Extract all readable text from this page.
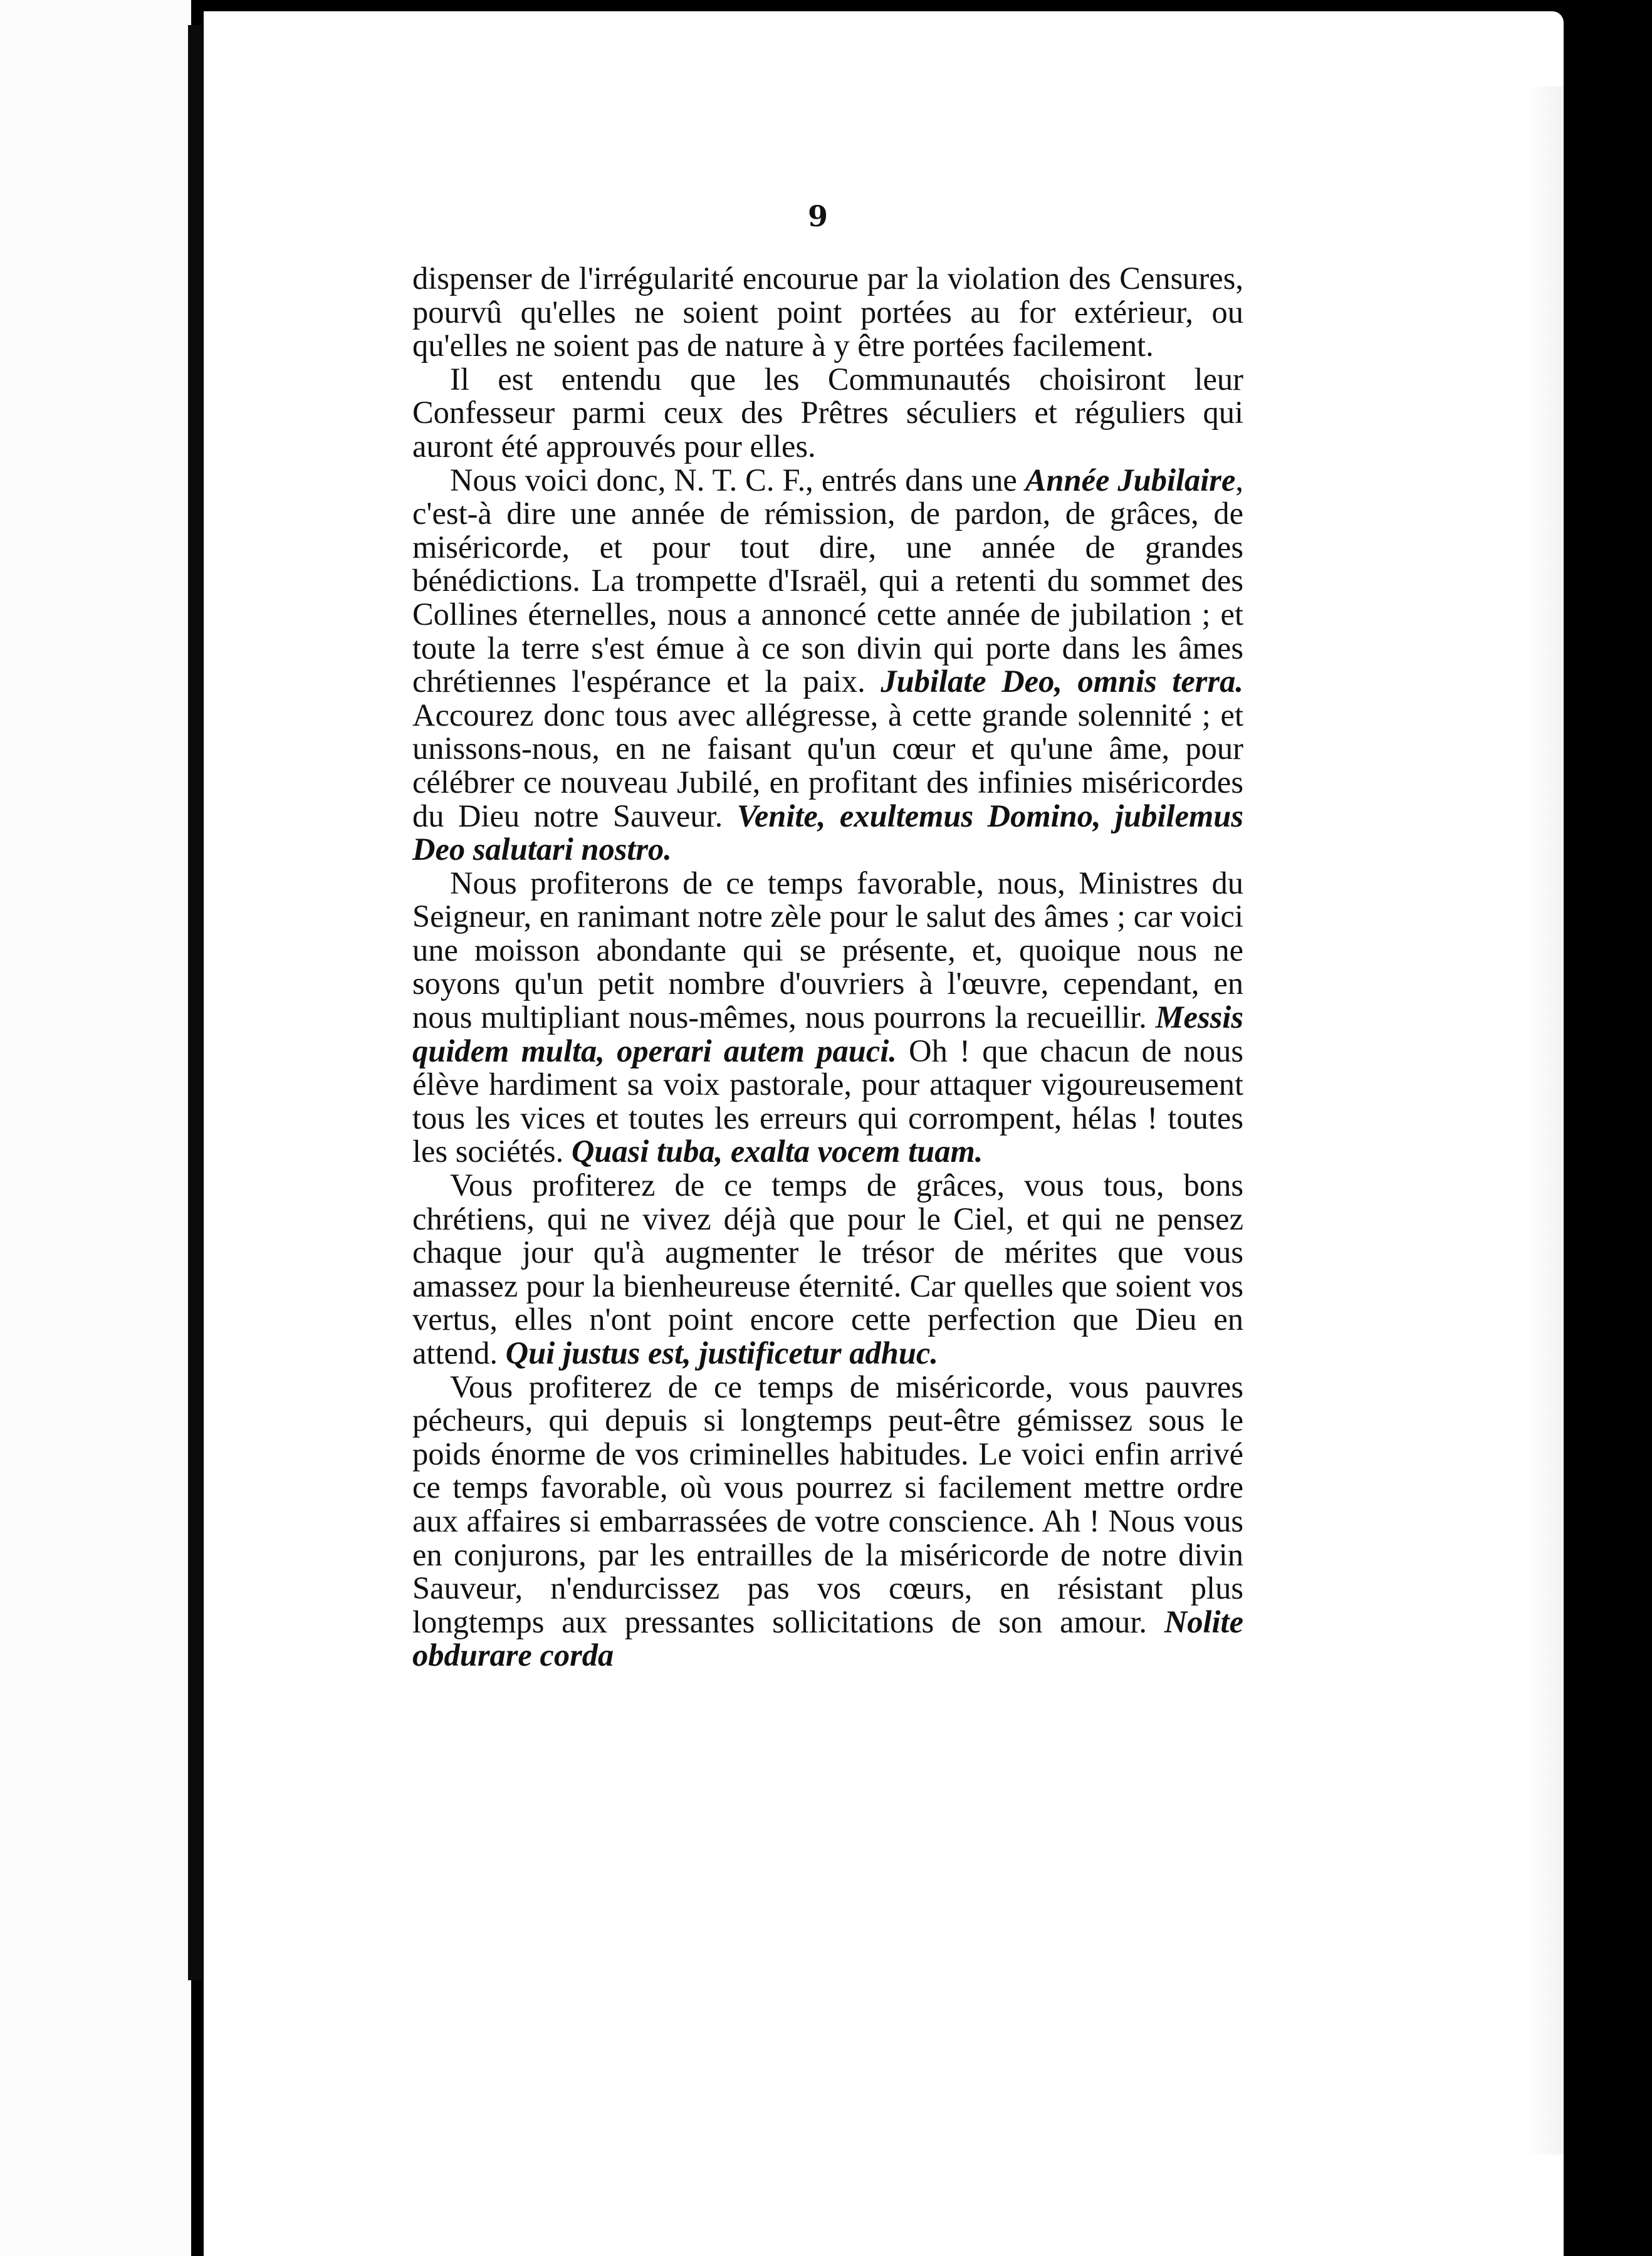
9

dispenser de l'irrégularité encourue par la violation des Censures, pourvû qu'elles ne soient point portées au for extérieur, ou qu'elles ne soient pas de nature à y être portées facilement.

Il est entendu que les Communautés choisiront leur Confesseur parmi ceux des Prêtres séculiers et réguliers qui auront été approuvés pour elles.

Nous voici donc, N. T. C. F., entrés dans une Année Jubilaire, c'est-à dire une année de rémission, de pardon, de grâces, de miséricorde, et pour tout dire, une année de grandes bénédictions. La trompette d'Israël, qui a retenti du sommet des Collines éternelles, nous a annoncé cette année de jubilation ; et toute la terre s'est émue à ce son divin qui porte dans les âmes chrétiennes l'espérance et la paix. Jubilate Deo, omnis terra. Accourez donc tous avec allégresse, à cette grande solennité ; et unissons-nous, en ne faisant qu'un cœur et qu'une âme, pour célébrer ce nouveau Jubilé, en profitant des infinies miséricordes du Dieu notre Sauveur. Venite, exultemus Domino, jubilemus Deo salutari nostro.

Nous profiterons de ce temps favorable, nous, Ministres du Seigneur, en ranimant notre zèle pour le salut des âmes ; car voici une moisson abondante qui se présente, et, quoique nous ne soyons qu'un petit nombre d'ouvriers à l'œuvre, cependant, en nous multipliant nous-mêmes, nous pourrons la recueillir. Messis quidem multa, operari autem pauci. Oh ! que chacun de nous élève hardiment sa voix pastorale, pour attaquer vigoureusement tous les vices et toutes les erreurs qui corrompent, hélas ! toutes les sociétés. Quasi tuba, exalta vocem tuam.

Vous profiterez de ce temps de grâces, vous tous, bons chrétiens, qui ne vivez déjà que pour le Ciel, et qui ne pensez chaque jour qu'à augmenter le trésor de mérites que vous amassez pour la bienheureuse éternité. Car quelles que soient vos vertus, elles n'ont point encore cette perfection que Dieu en attend. Qui justus est, justificetur adhuc.

Vous profiterez de ce temps de miséricorde, vous pauvres pécheurs, qui depuis si longtemps peut-être gémissez sous le poids énorme de vos criminelles habitudes. Le voici enfin arrivé ce temps favorable, où vous pourrez si facilement mettre ordre aux affaires si embarrassées de votre conscience. Ah ! Nous vous en conjurons, par les entrailles de la miséricorde de notre divin Sauveur, n'endurcissez pas vos cœurs, en résistant plus longtemps aux pressantes sollicitations de son amour. Nolite obdurare corda
